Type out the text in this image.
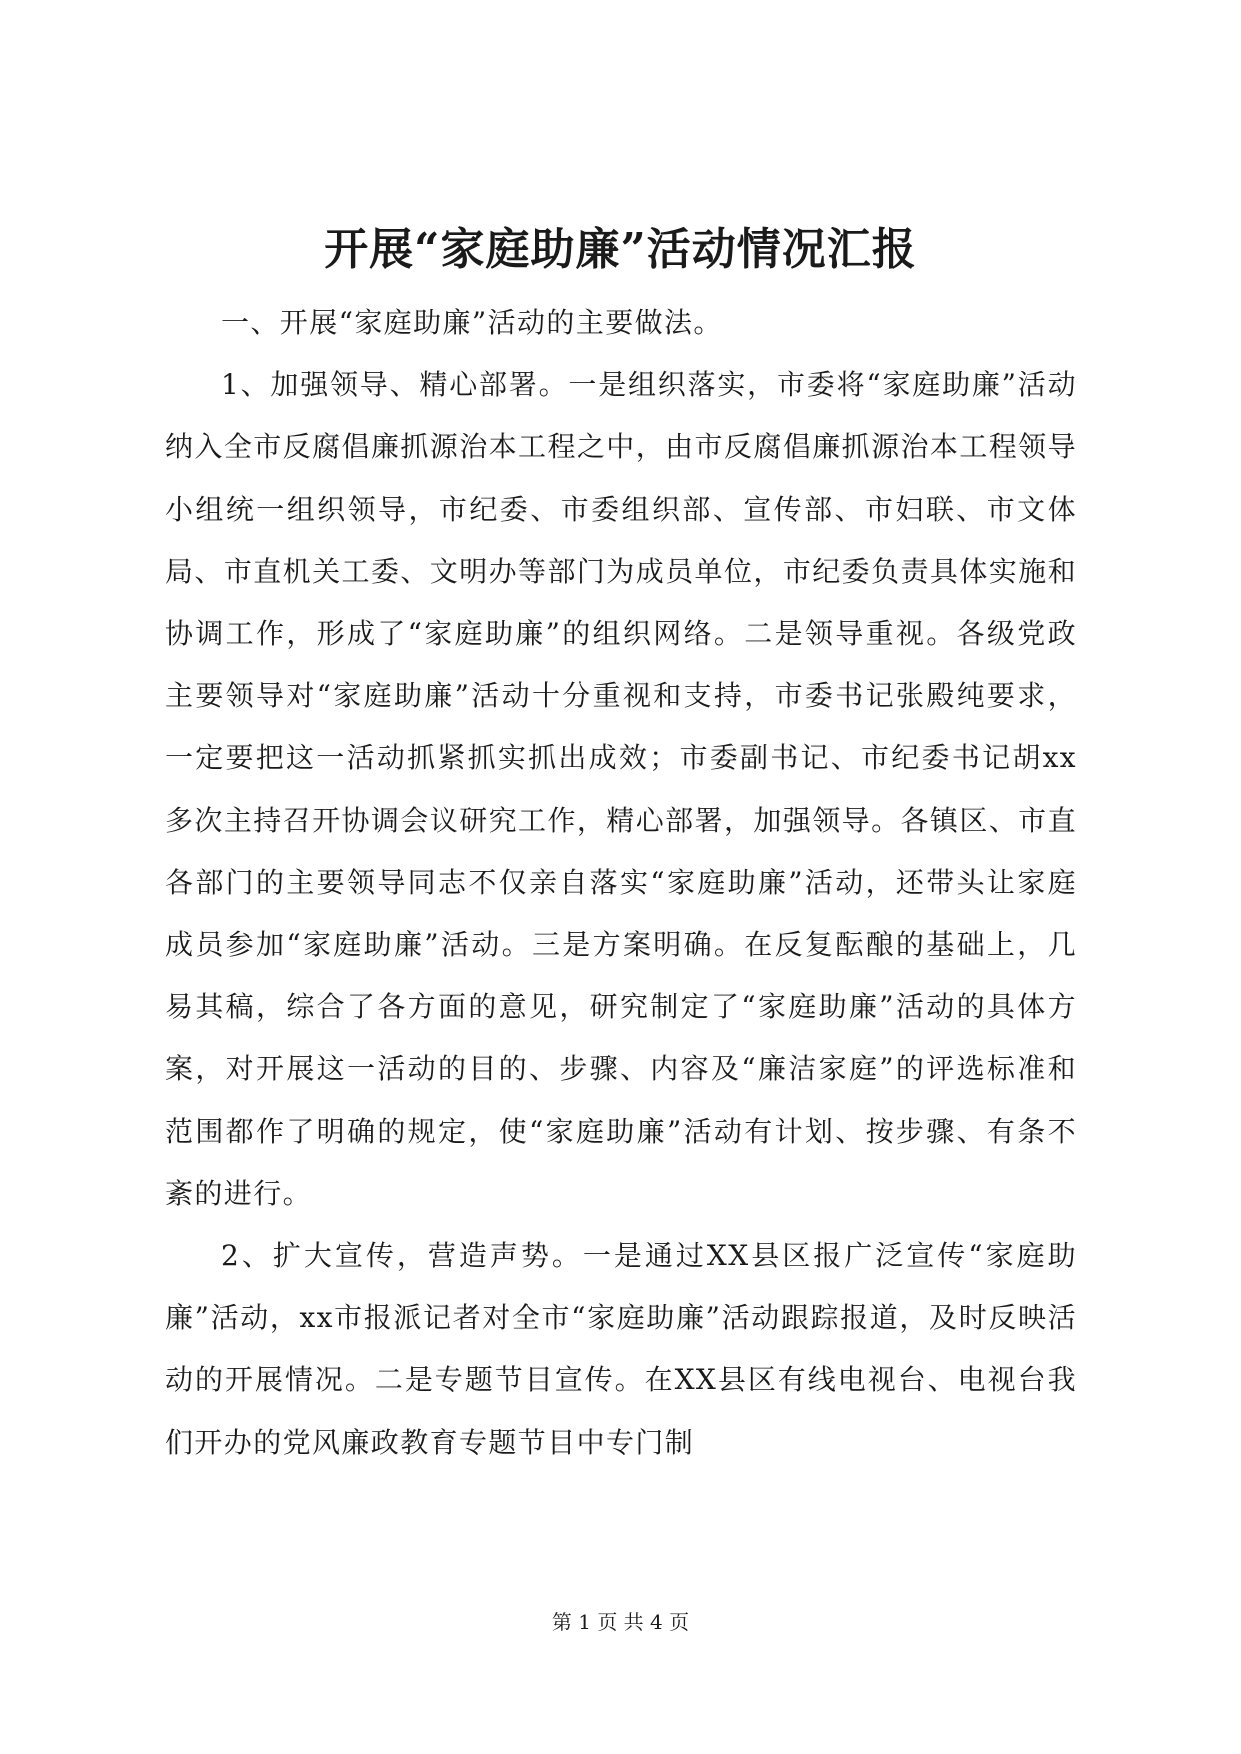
开展“家庭助廉”活动情况汇报

一、开展“家庭助廉”活动的主要做法。

1、加强领导、精心部署。一是组织落实，市委将“家庭助廉”活动纳入全市反腐倡廉抓源治本工程之中，由市反腐倡廉抓源治本工程领导小组统一组织领导，市纪委、市委组织部、宣传部、市妇联、市文体局、市直机关工委、文明办等部门为成员单位，市纪委负责具体实施和协调工作，形成了“家庭助廉”的组织网络。二是领导重视。各级党政主要领导对“家庭助廉”活动十分重视和支持，市委书记张殿纯要求，一定要把这一活动抓紧抓实抓出成效；市委副书记、市纪委书记胡xx多次主持召开协调会议研究工作，精心部署，加强领导。各镇区、市直各部门的主要领导同志不仅亲自落实“家庭助廉”活动，还带头让家庭成员参加“家庭助廉”活动。三是方案明确。在反复酝酿的基础上，几易其稿，综合了各方面的意见，研究制定了“家庭助廉”活动的具体方案，对开展这一活动的目的、步骤、内容及“廉洁家庭”的评选标准和范围都作了明确的规定，使“家庭助廉”活动有计划、按步骤、有条不紊的进行。

2、扩大宣传，营造声势。一是通过XX县区报广泛宣传“家庭助廉”活动，xx市报派记者对全市“家庭助廉”活动跟踪报道，及时反映活动的开展情况。二是专题节目宣传。在XX县区有线电视台、电视台我们开办的党风廉政教育专题节目中专门制

第 1 页 共 4 页
